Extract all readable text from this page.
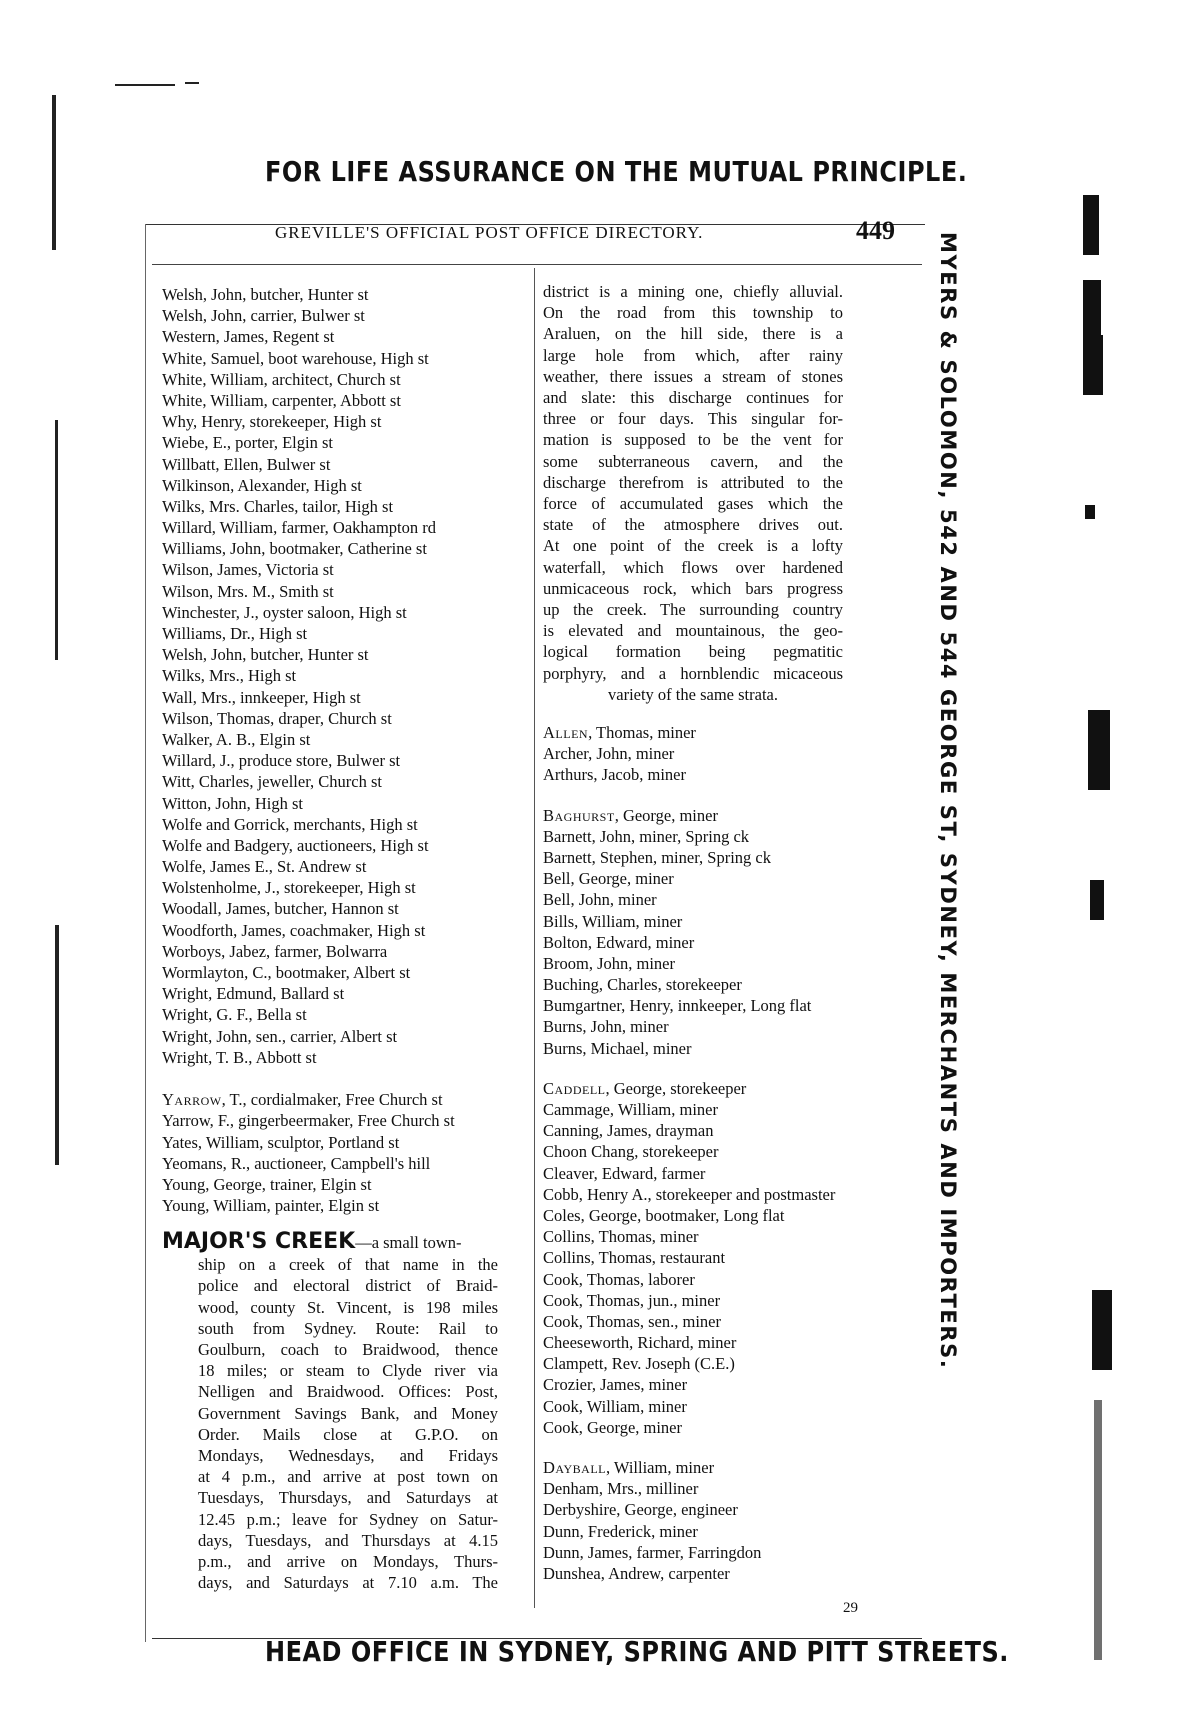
FOR LIFE ASSURANCE ON THE MUTUAL PRINCIPLE.
GREVILLE'S OFFICIAL POST OFFICE DIRECTORY.	449
MYERS & SOLOMON, 542 AND 544 GEORGE ST, SYDNEY, MERCHANTS AND IMPORTERS.
Welsh, John, butcher, Hunter st
Welsh, John, carrier, Bulwer st
Western, James, Regent st
White, Samuel, boot warehouse, High st
White, William, architect, Church st
White, William, carpenter, Abbott st
Why, Henry, storekeeper, High st
Wiebe, E., porter, Elgin st
Willbatt, Ellen, Bulwer st
Wilkinson, Alexander, High st
Wilks, Mrs. Charles, tailor, High st
Willard, William, farmer, Oakhampton rd
Williams, John, bootmaker, Catherine st
Wilson, James, Victoria st
Wilson, Mrs. M., Smith st
Winchester, J., oyster saloon, High st
Williams, Dr., High st
Welsh, John, butcher, Hunter st
Wilks, Mrs., High st
Wall, Mrs., innkeeper, High st
Wilson, Thomas, draper, Church st
Walker, A. B., Elgin st
Willard, J., produce store, Bulwer st
Witt, Charles, jeweller, Church st
Witton, John, High st
Wolfe and Gorrick, merchants, High st
Wolfe and Badgery, auctioneers, High st
Wolfe, James E., St. Andrew st
Wolstenholme, J., storekeeper, High st
Woodall, James, butcher, Hannon st
Woodforth, James, coachmaker, High st
Worboys, Jabez, farmer, Bolwarra
Wormlayton, C., bootmaker, Albert st
Wright, Edmund, Ballard st
Wright, G. F., Bella st
Wright, John, sen., carrier, Albert st
Wright, T. B., Abbott st
Yarrow, T., cordialmaker, Free Church st
Yarrow, F., gingerbeermaker, Free Church st
Yates, William, sculptor, Portland st
Yeomans, R., auctioneer, Campbell's hill
Young, George, trainer, Elgin st
Young, William, painter, Elgin st
MAJOR'S CREEK—a small town-
ship on a creek of that name in the
police and electoral district of Braid-
wood, county St. Vincent, is 198 miles
south from Sydney. Route: Rail to
Goulburn, coach to Braidwood, thence
18 miles; or steam to Clyde river via
Nelligen and Braidwood. Offices: Post,
Government Savings Bank, and Money
Order. Mails close at G.P.O. on
Mondays, Wednesdays, and Fridays
at 4 p.m., and arrive at post town on
Tuesdays, Thursdays, and Saturdays at
12.45 p.m.; leave for Sydney on Satur-
days, Tuesdays, and Thursdays at 4.15
p.m., and arrive on Mondays, Thurs-
days, and Saturdays at 7.10 a.m. The
district is a mining one, chiefly alluvial.
On the road from this township to
Araluen, on the hill side, there is a
large hole from which, after rainy
weather, there issues a stream of stones
and slate: this discharge continues for
three or four days. This singular for-
mation is supposed to be the vent for
some subterraneous cavern, and the
discharge therefrom is attributed to the
force of accumulated gases which the
state of the atmosphere drives out.
At one point of the creek is a lofty
waterfall, which flows over hardened
unmicaceous rock, which bars progress
up the creek. The surrounding country
is elevated and mountainous, the geo-
logical formation being pegmatitic
porphyry, and a hornblendic micaceous
variety of the same strata.
Allen, Thomas, miner
Archer, John, miner
Arthurs, Jacob, miner
Baghurst, George, miner
Barnett, John, miner, Spring ck
Barnett, Stephen, miner, Spring ck
Bell, George, miner
Bell, John, miner
Bills, William, miner
Bolton, Edward, miner
Broom, John, miner
Buching, Charles, storekeeper
Bumgartner, Henry, innkeeper, Long flat
Burns, John, miner
Burns, Michael, miner
Caddell, George, storekeeper
Cammage, William, miner
Canning, James, drayman
Choon Chang, storekeeper
Cleaver, Edward, farmer
Cobb, Henry A., storekeeper and postmaster
Coles, George, bootmaker, Long flat
Collins, Thomas, miner
Collins, Thomas, restaurant
Cook, Thomas, laborer
Cook, Thomas, jun., miner
Cook, Thomas, sen., miner
Cheeseworth, Richard, miner
Clampett, Rev. Joseph (C.E.)
Crozier, James, miner
Cook, William, miner
Cook, George, miner
Dayball, William, miner
Denham, Mrs., milliner
Derbyshire, George, engineer
Dunn, Frederick, miner
Dunn, James, farmer, Farringdon
Dunshea, Andrew, carpenter
29
HEAD OFFICE IN SYDNEY, SPRING AND PITT STREETS.
